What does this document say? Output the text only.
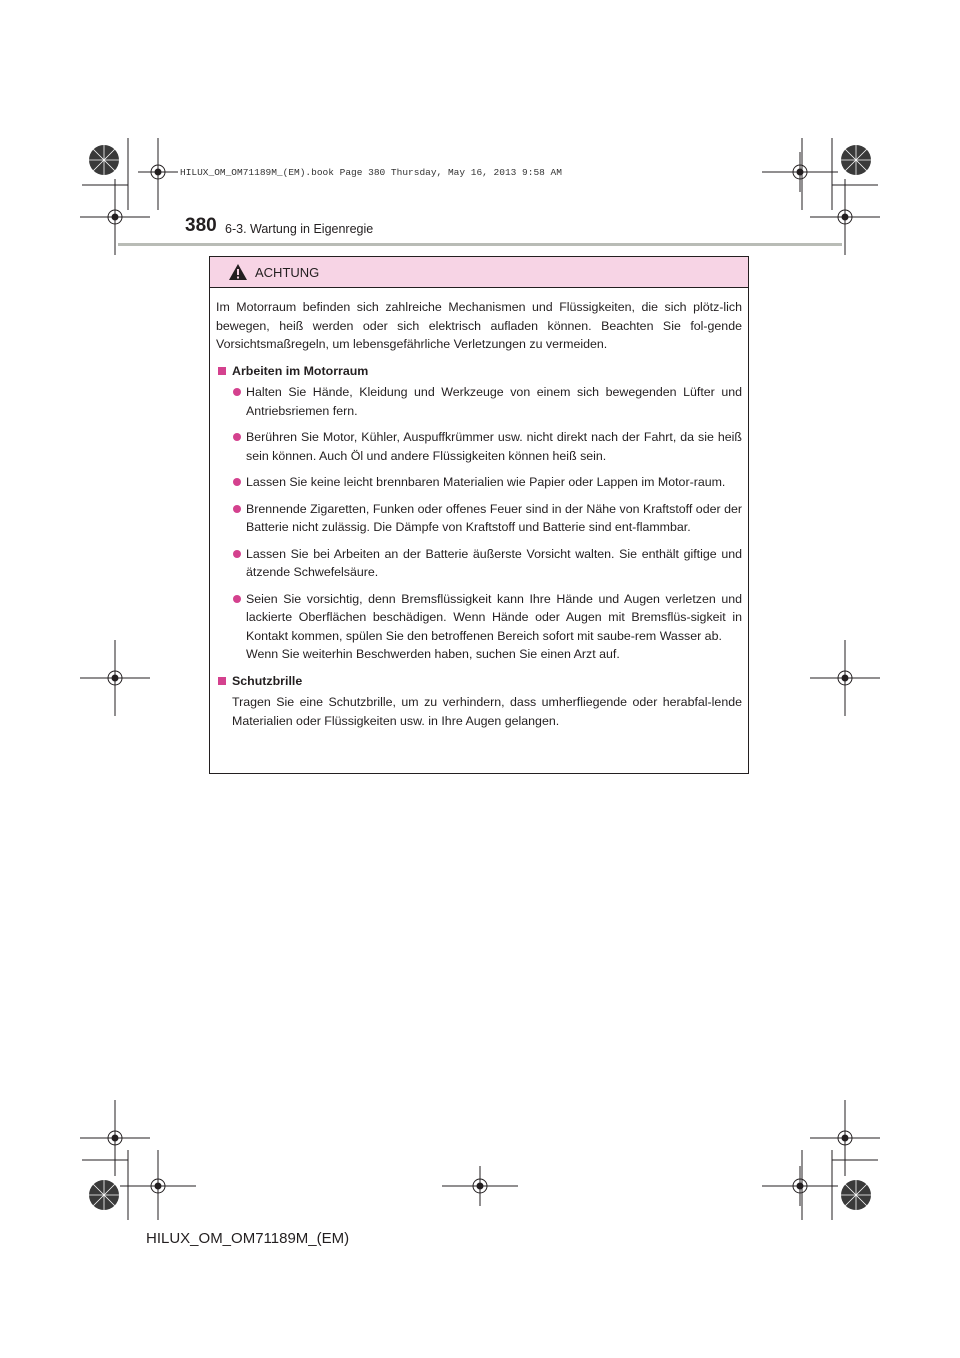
HILUX_OM_OM71189M_(EM).book Page 380 Thursday, May 16, 2013 9:58 AM
380 6-3. Wartung in Eigenregie
ACHTUNG

Im Motorraum befinden sich zahlreiche Mechanismen und Flüssigkeiten, die sich plötz-lich bewegen, heiß werden oder sich elektrisch aufladen können. Beachten Sie fol-gende Vorsichtsmaßregeln, um lebensgefährliche Verletzungen zu vermeiden.

Arbeiten im Motorraum
Halten Sie Hände, Kleidung und Werkzeuge von einem sich bewegenden Lüfter und Antriebsriemen fern.
Berühren Sie Motor, Kühler, Auspuffkrümmer usw. nicht direkt nach der Fahrt, da sie heiß sein können. Auch Öl und andere Flüssigkeiten können heiß sein.
Lassen Sie keine leicht brennbaren Materialien wie Papier oder Lappen im Motor-raum.
Brennende Zigaretten, Funken oder offenes Feuer sind in der Nähe von Kraftstoff oder der Batterie nicht zulässig. Die Dämpfe von Kraftstoff und Batterie sind ent-flammbar.
Lassen Sie bei Arbeiten an der Batterie äußerste Vorsicht walten. Sie enthält giftige und ätzende Schwefelsäure.
Seien Sie vorsichtig, denn Bremsflüssigkeit kann Ihre Hände und Augen verletzen und lackierte Oberflächen beschädigen. Wenn Hände oder Augen mit Bremsflüs-sigkeit in Kontakt kommen, spülen Sie den betroffenen Bereich sofort mit saube-rem Wasser ab.
Wenn Sie weiterhin Beschwerden haben, suchen Sie einen Arzt auf.
Schutzbrille
Tragen Sie eine Schutzbrille, um zu verhindern, dass umherfliegende oder herabfal-lende Materialien oder Flüssigkeiten usw. in Ihre Augen gelangen.
HILUX_OM_OM71189M_(EM)
